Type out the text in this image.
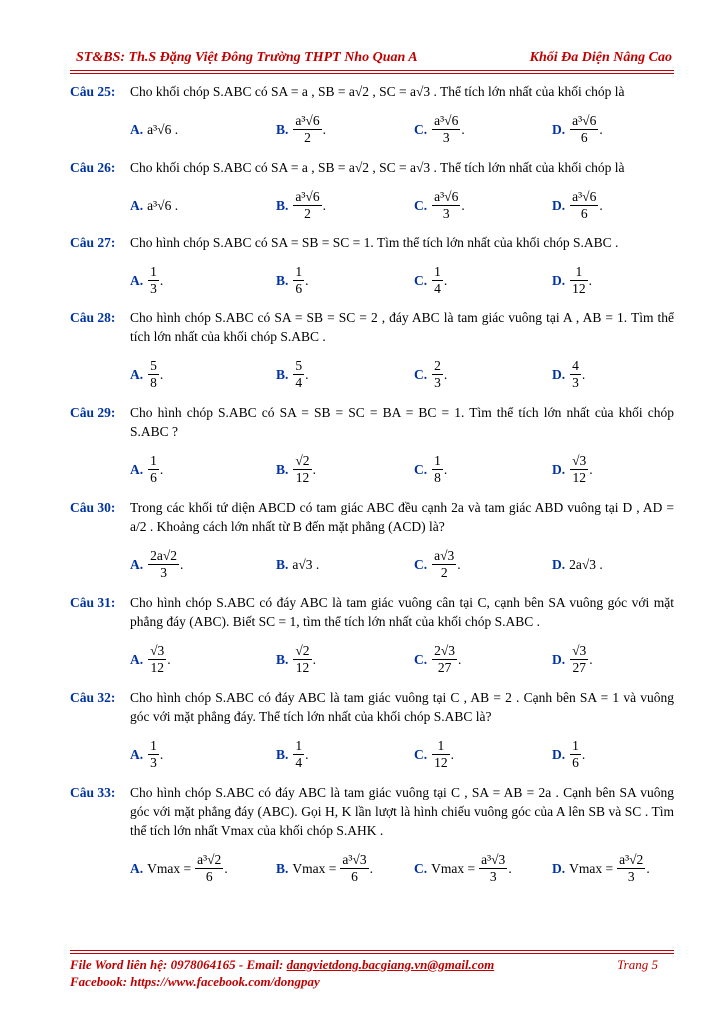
ST&BS: Th.S Đặng Việt Đông Trường THPT Nho Quan A	Khối Đa Diện Nâng Cao
Câu 25: Cho khối chóp S.ABC có SA = a , SB = a√2 , SC = a√3 . Thể tích lớn nhất của khối chóp là
A. a³√6 .	B. $\frac{\text{a³√6}}{2}$ .	C. $\frac{\text{a³√6}}{3}$ .	D. $\frac{\text{a³√6}}{6}$ .
Câu 26: Cho khối chóp S.ABC có SA = a , SB = a√2 , SC = a√3 . Thể tích lớn nhất của khối chóp là
A. a³√6 .	B. $\frac{\text{a³√6}}{2}$ .	C. $\frac{\text{a³√6}}{3}$ .	D. $\frac{\text{a³√6}}{6}$ .
Câu 27: Cho hình chóp S.ABC có SA = SB = SC = 1. Tìm thể tích lớn nhất của khối chóp S.ABC .
A. $\frac{1}{3}$ .	B. $\frac{1}{6}$ .	C. $\frac{1}{4}$ .	D. $\frac{1}{12}$ .
Câu 28: Cho hình chóp S.ABC có SA = SB = SC = 2 , đáy ABC là tam giác vuông tại A , AB = 1. Tìm thể tích lớn nhất của khối chóp S.ABC .
A. $\frac{5}{8}$ .	B. $\frac{5}{4}$ .	C. $\frac{2}{3}$ .	D. $\frac{4}{3}$ .
Câu 29: Cho hình chóp S.ABC có SA = SB = SC = BA = BC = 1. Tìm thể tích lớn nhất của khối chóp S.ABC ?
A. $\frac{1}{6}$ .	B. $\frac{√2}{12}$ .	C. $\frac{1}{8}$ .	D. $\frac{√3}{12}$ .
Câu 30: Trong các khối tứ diện ABCD có tam giác ABC đều cạnh 2a và tam giác ABD vuông tại D , AD = a/2 . Khoảng cách lớn nhất từ B đến mặt phẳng (ACD) là?
A. $\frac{2a√2}{3}$ .	B. a√3 .	C. $\frac{a√3}{2}$ .	D. 2a√3 .
Câu 31: Cho hình chóp S.ABC có đáy ABC là tam giác vuông cân tại C, cạnh bên SA vuông góc với mặt phẳng đáy (ABC). Biết SC = 1, tìm thể tích lớn nhất của khối chóp S.ABC .
A. $\frac{√3}{12}$ .	B. $\frac{√2}{12}$ .	C. $\frac{2√3}{27}$ .	D. $\frac{√3}{27}$ .
Câu 32: Cho hình chóp S.ABC có đáy ABC là tam giác vuông tại C , AB = 2 . Cạnh bên SA = 1 và vuông góc với mặt phẳng đáy. Thể tích lớn nhất của khối chóp S.ABC là?
A. $\frac{1}{3}$ .	B. $\frac{1}{4}$ .	C. $\frac{1}{12}$ .	D. $\frac{1}{6}$ .
Câu 33: Cho hình chóp S.ABC có đáy ABC là tam giác vuông tại C , SA = AB = 2a . Cạnh bên SA vuông góc với mặt phẳng đáy (ABC). Gọi H, K lần lượt là hình chiếu vuông góc của A lên SB và SC . Tìm thể tích lớn nhất Vmax của khối chóp S.AHK .
A. $Vmax = \frac{\text{a³√2}}{6}$ .	B. $Vmax = \frac{\text{a³√3}}{6}$ .	C. $Vmax = \frac{\text{a³√3}}{3}$ .	D. $Vmax = \frac{\text{a³√2}}{3}$ .
File Word liên hệ: 0978064165 - Email: dangvietdong.bacgiang.vn@gmail.com	Trang 5
Facebook: https://www.facebook.com/dongpay
